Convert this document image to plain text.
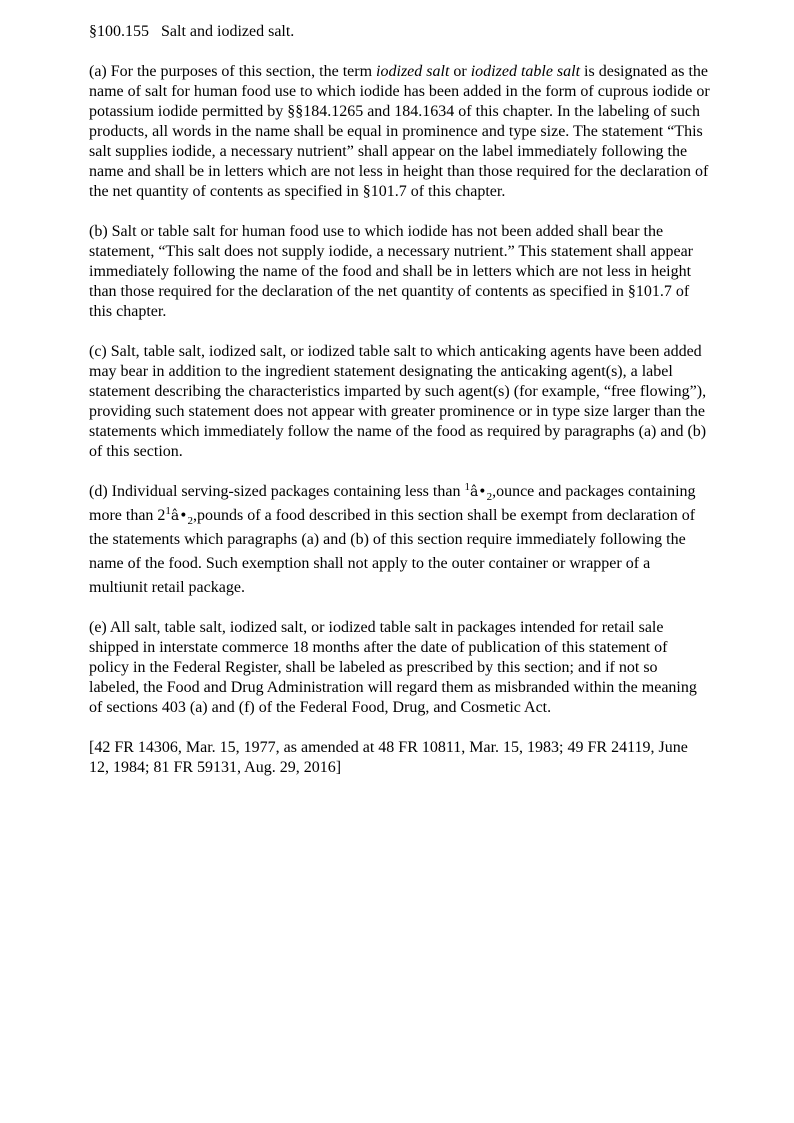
§100.155   Salt and iodized salt.

(a) For the purposes of this section, the term iodized salt or iodized table salt is designated as the name of salt for human food use to which iodide has been added in the form of cuprous iodide or potassium iodide permitted by §§184.1265 and 184.1634 of this chapter. In the labeling of such products, all words in the name shall be equal in prominence and type size. The statement “This salt supplies iodide, a necessary nutrient” shall appear on the label immediately following the name and shall be in letters which are not less in height than those required for the declaration of the net quantity of contents as specified in §101.7 of this chapter.

(b) Salt or table salt for human food use to which iodide has not been added shall bear the statement, “This salt does not supply iodide, a necessary nutrient.” This statement shall appear immediately following the name of the food and shall be in letters which are not less in height than those required for the declaration of the net quantity of contents as specified in §101.7 of this chapter.

(c) Salt, table salt, iodized salt, or iodized table salt to which anticaking agents have been added may bear in addition to the ingredient statement designating the anticaking agent(s), a label statement describing the characteristics imparted by such agent(s) (for example, “free flowing”), providing such statement does not appear with greater prominence or in type size larger than the statements which immediately follow the name of the food as required by paragraphs (a) and (b) of this section.

(d) Individual serving-sized packages containing less than $^1â•_2,ounce$ and packages containing more than $2^1â•_2,pounds$ of a food described in this section shall be exempt from declaration of the statements which paragraphs (a) and (b) of this section require immediately following the name of the food. Such exemption shall not apply to the outer container or wrapper of a multiunit retail package.

(e) All salt, table salt, iodized salt, or iodized table salt in packages intended for retail sale shipped in interstate commerce 18 months after the date of publication of this statement of policy in the Federal Register, shall be labeled as prescribed by this section; and if not so labeled, the Food and Drug Administration will regard them as misbranded within the meaning of sections 403 (a) and (f) of the Federal Food, Drug, and Cosmetic Act.

[42 FR 14306, Mar. 15, 1977, as amended at 48 FR 10811, Mar. 15, 1983; 49 FR 24119, June 12, 1984; 81 FR 59131, Aug. 29, 2016]
